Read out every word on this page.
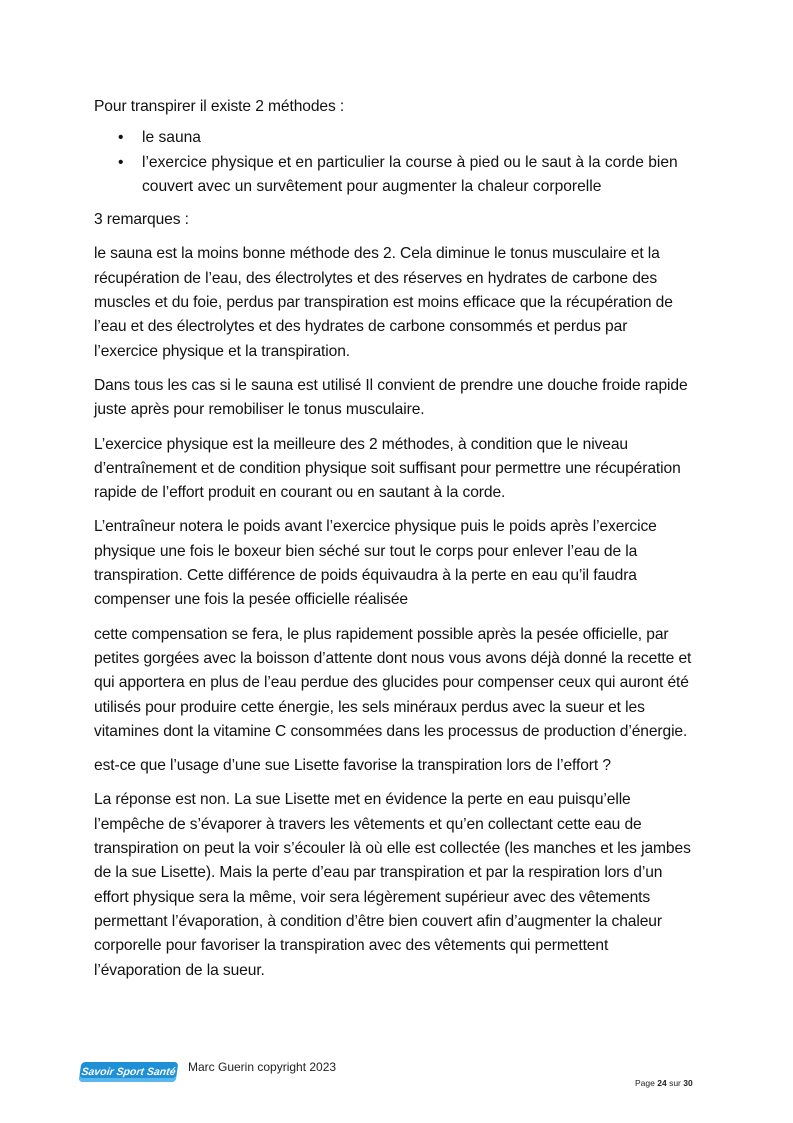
Pour transpirer il existe 2 méthodes :

• le sauna
• l’exercice physique et en particulier la course à pied ou le saut à la corde bien couvert avec un survêtement pour augmenter la chaleur corporelle

3 remarques :

le sauna est la moins bonne méthode des 2. Cela diminue le tonus musculaire et la récupération de l’eau, des électrolytes et des réserves en hydrates de carbone des muscles et du foie, perdus par transpiration est moins efficace que la récupération de l’eau et des électrolytes et des hydrates de carbone consommés et perdus par l’exercice physique et la transpiration.

Dans tous les cas si le sauna est utilisé Il convient de prendre une douche froide rapide juste après pour remobiliser le tonus musculaire.

L’exercice physique est la meilleure des 2 méthodes, à condition que le niveau d’entraînement et de condition physique soit suffisant pour permettre une récupération rapide de l’effort produit en courant ou en sautant à la corde.

L’entraîneur notera le poids avant l’exercice physique puis le poids après l’exercice physique une fois le boxeur bien séché sur tout le corps pour enlever l’eau de la transpiration. Cette différence de poids équivaudra à la perte en eau qu’il faudra compenser une fois la pesée officielle réalisée

cette compensation se fera, le plus rapidement possible après la pesée officielle, par petites gorgées avec la boisson d’attente dont nous vous avons déjà donné la recette et qui apportera en plus de l’eau perdue des glucides pour compenser ceux qui auront été utilisés pour produire cette énergie, les sels minéraux perdus avec la sueur et les vitamines dont la vitamine C consommées dans les processus de production d’énergie.

est-ce que l’usage d’une sue Lisette favorise la transpiration lors de l’effort ?

La réponse est non. La sue Lisette met en évidence la perte en eau puisqu’elle l’empêche de s’évaporer à travers les vêtements et qu’en collectant cette eau de transpiration on peut la voir s’écouler là où elle est collectée (les manches et les jambes de la sue Lisette). Mais la perte d’eau par transpiration et par la respiration lors d’un effort physique sera la même, voir sera légèrement supérieur avec des vêtements permettant l’évaporation, à condition d’être bien couvert afin d’augmenter la chaleur corporelle pour favoriser la transpiration avec des vêtements qui permettent l’évaporation de la sueur.

Savoir Sport Santé Marc Guerin copyright 2023
Page 24 sur 30
